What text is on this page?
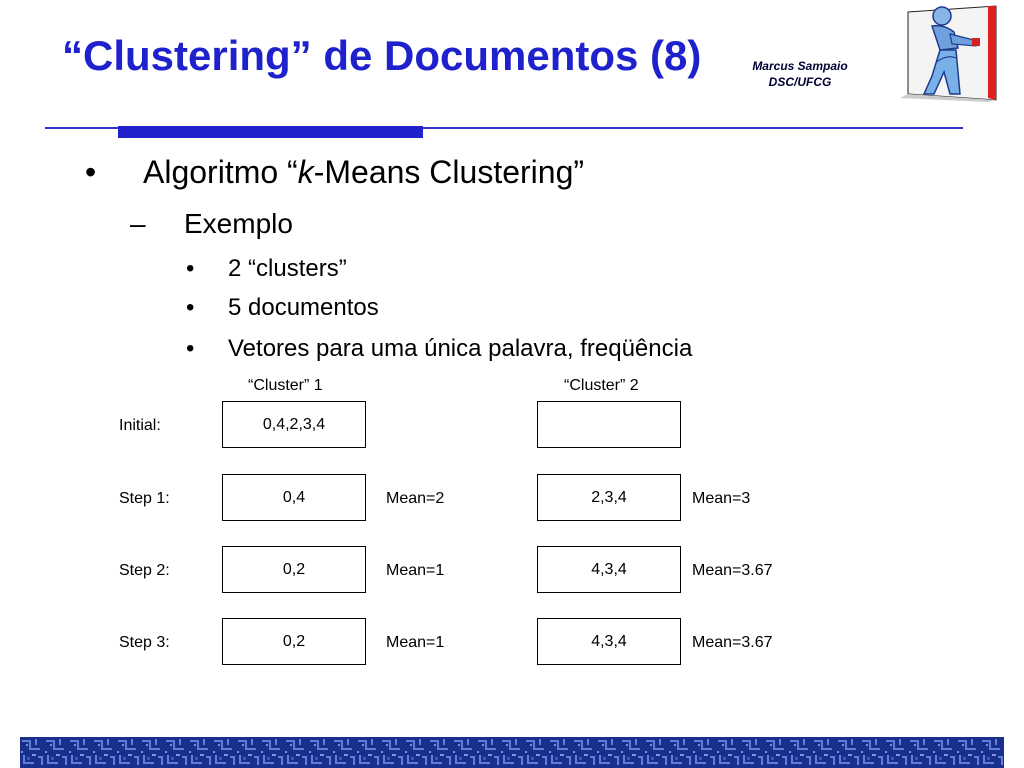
“Clustering” de Documentos (8)	Marcus Sampaio
DSC/UFCG
• Algoritmo “k-Means Clustering”
– Exemplo
• 2 “clusters”
• 5 documentos
• Vetores para uma única palavra, freqüência
“Cluster” 1	“Cluster” 2
Initial:	0,4,2,3,4
Step 1:	0,4	Mean=2	2,3,4	Mean=3
Step 2:	0,2	Mean=1	4,3,4	Mean=3.67
Step 3:	0,2	Mean=1	4,3,4	Mean=3.67
